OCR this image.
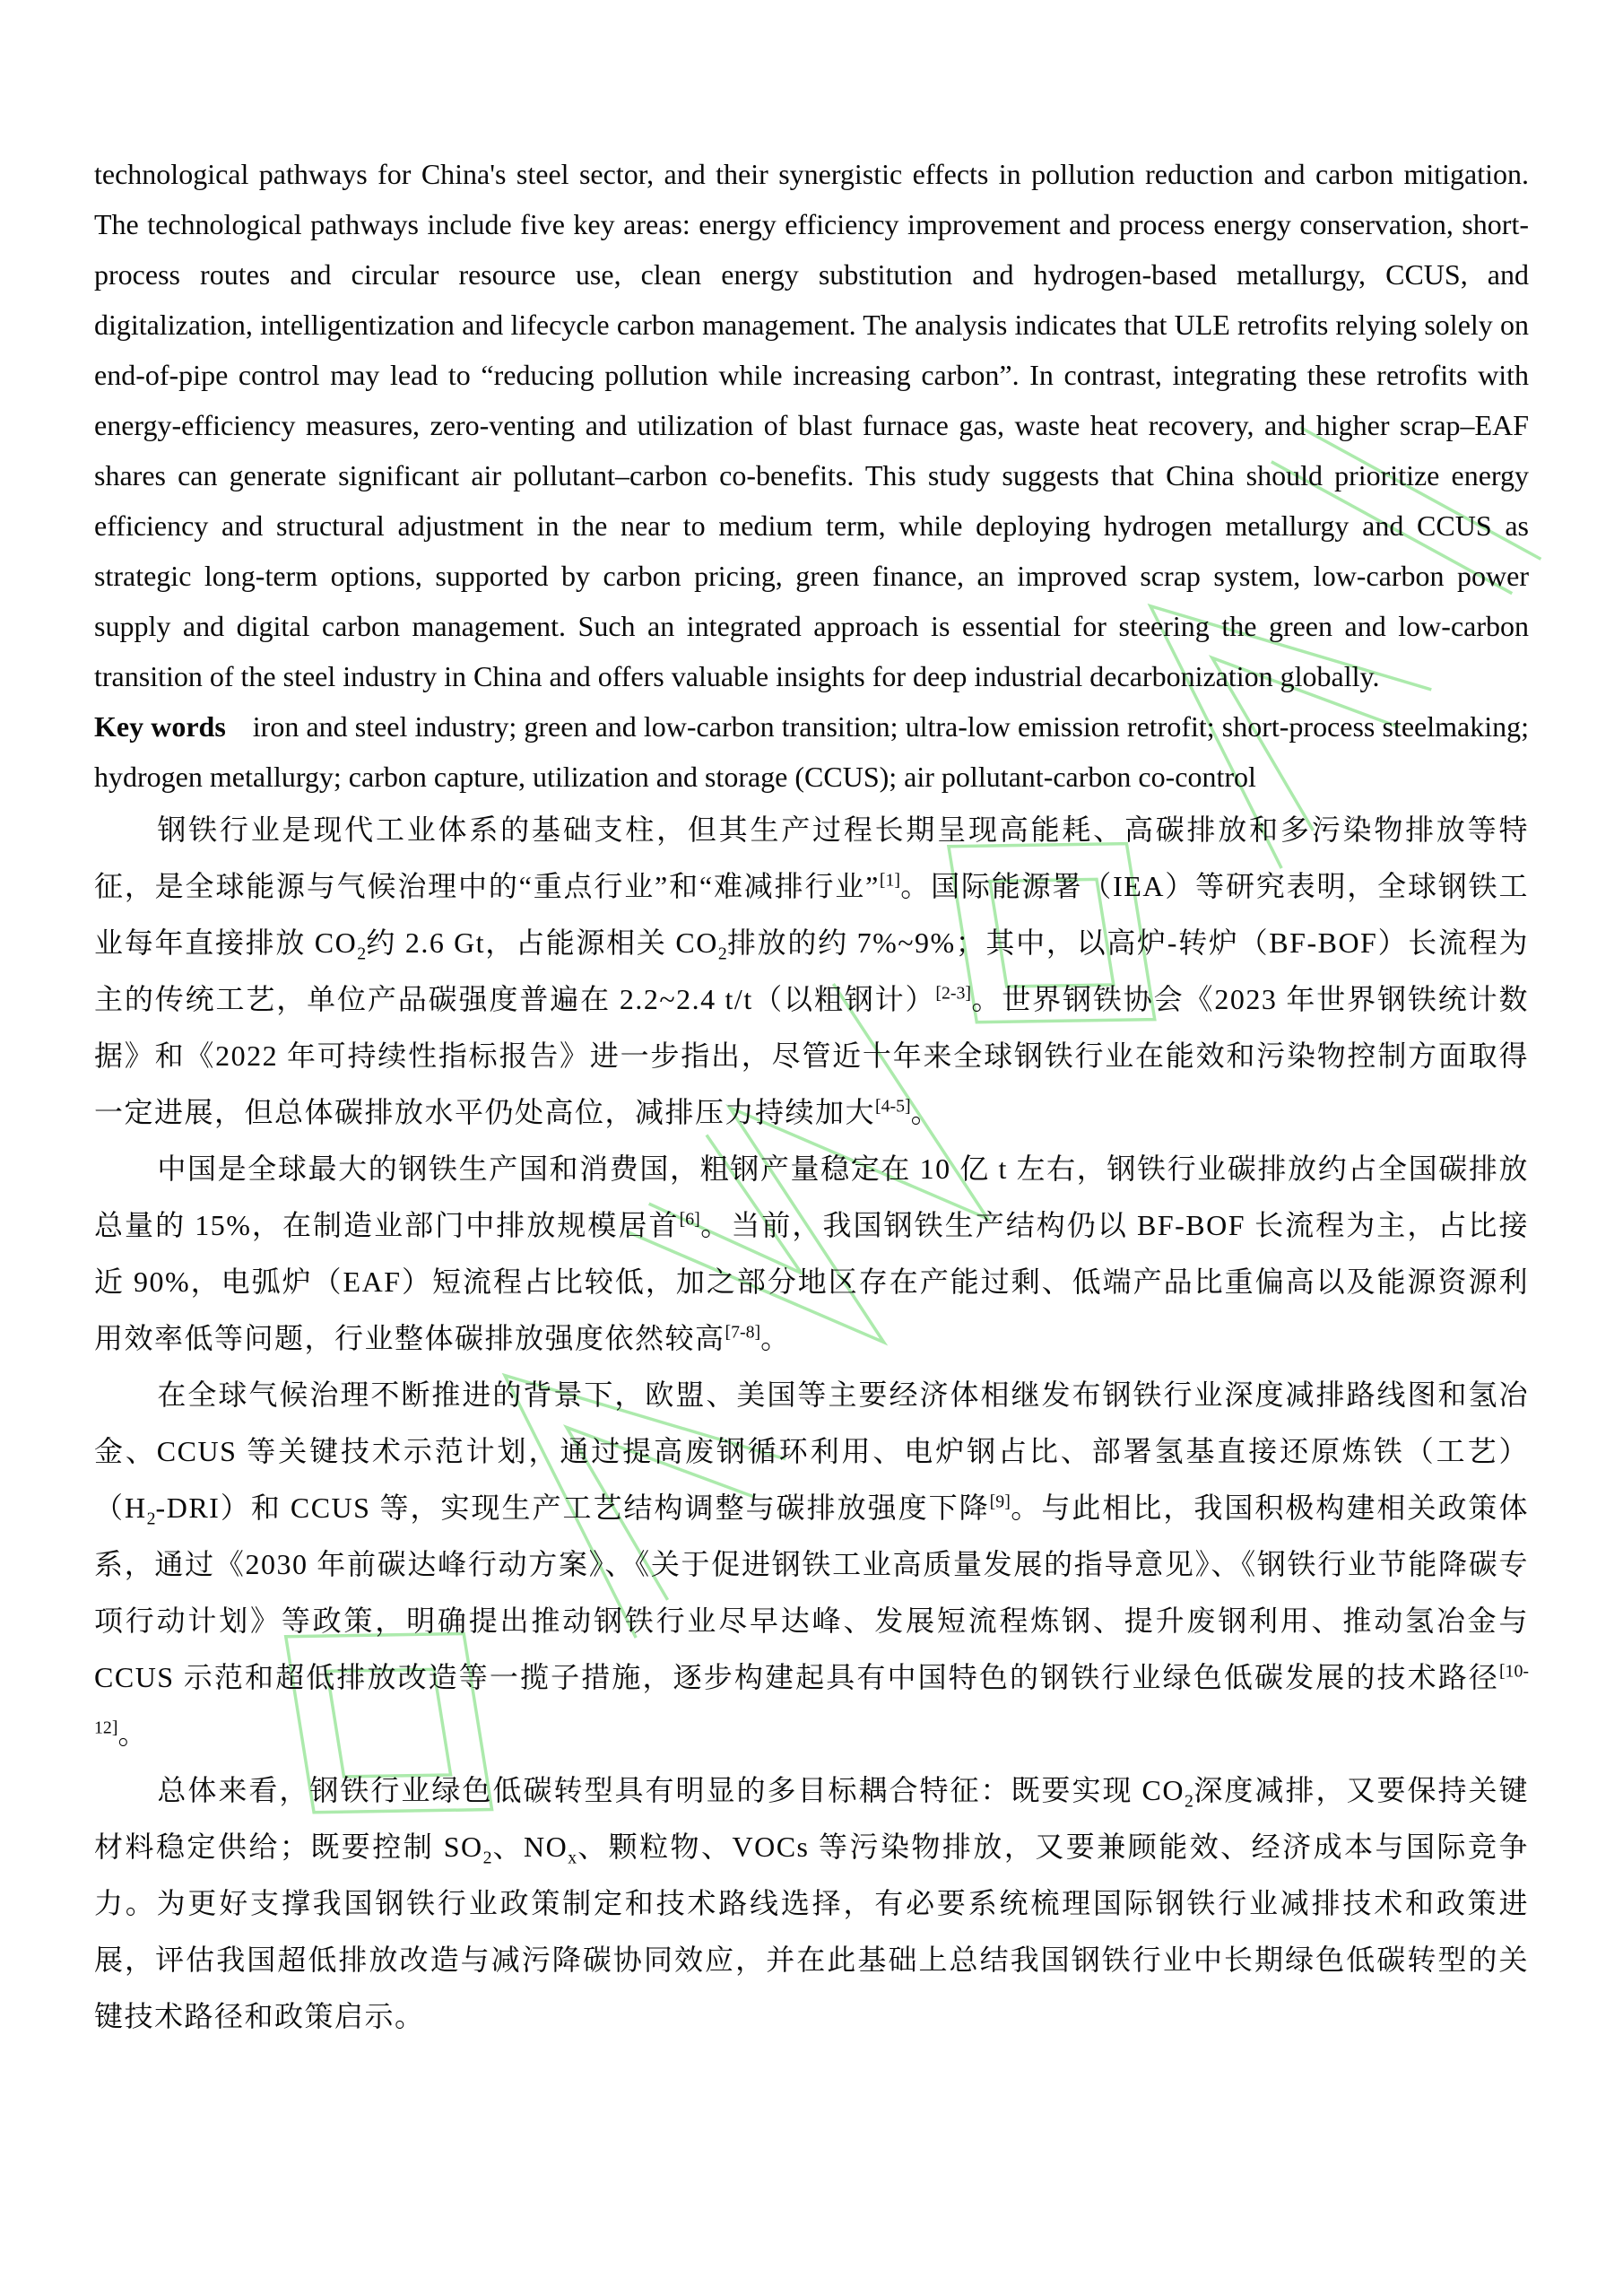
technological pathways for China's steel sector, and their synergistic effects in pollution reduction and carbon mitigation. The technological pathways include five key areas: energy efficiency improvement and process energy conservation, short-process routes and circular resource use, clean energy substitution and hydrogen-based metallurgy, CCUS, and digitalization, intelligentization and lifecycle carbon management. The analysis indicates that ULE retrofits relying solely on end-of-pipe control may lead to “reducing pollution while increasing carbon”. In contrast, integrating these retrofits with energy-efficiency measures, zero-venting and utilization of blast furnace gas, waste heat recovery, and higher scrap–EAF shares can generate significant air pollutant–carbon co-benefits. This study suggests that China should prioritize energy efficiency and structural adjustment in the near to medium term, while deploying hydrogen metallurgy and CCUS as strategic long-term options, supported by carbon pricing, green finance, an improved scrap system, low-carbon power supply and digital carbon management. Such an integrated approach is essential for steering the green and low-carbon transition of the steel industry in China and offers valuable insights for deep industrial decarbonization globally.

Key words iron and steel industry; green and low-carbon transition; ultra-low emission retrofit; short-process steelmaking; hydrogen metallurgy; carbon capture, utilization and storage (CCUS); air pollutant-carbon co-control

钢铁行业是现代工业体系的基础支柱，但其生产过程长期呈现高能耗、高碳排放和多污染物排放等特征，是全球能源与气候治理中的“重点行业”和“难减排行业”[1]。国际能源署（IEA）等研究表明，全球钢铁工业每年直接排放 $CO_2$约 2.6 Gt，占能源相关 $CO_2$排放的约 7%~9%；其中，以高炉-转炉（BF-BOF）长流程为主的传统工艺，单位产品碳强度普遍在 2.2~2.4 t/t（以粗钢计）[2-3]。世界钢铁协会《2023 年世界钢铁统计数据》和《2022 年可持续性指标报告》进一步指出，尽管近十年来全球钢铁行业在能效和污染物控制方面取得一定进展，但总体碳排放水平仍处高位，减排压力持续加大[4-5]。

中国是全球最大的钢铁生产国和消费国，粗钢产量稳定在 10 亿 t 左右，钢铁行业碳排放约占全国碳排放总量的 15%，在制造业部门中排放规模居首[6]。当前，我国钢铁生产结构仍以 BF-BOF 长流程为主，占比接近 90%，电弧炉（EAF）短流程占比较低，加之部分地区存在产能过剩、低端产品比重偏高以及能源资源利用效率低等问题，行业整体碳排放强度依然较高[7-8]。

在全球气候治理不断推进的背景下，欧盟、美国等主要经济体相继发布钢铁行业深度减排路线图和氢冶金、CCUS 等关键技术示范计划，通过提高废钢循环利用、电炉钢占比、部署氢基直接还原炼铁（工艺）$(H_2-DRI)$和 CCUS 等，实现生产工艺结构调整与碳排放强度下降[9]。与此相比，我国积极构建相关政策体系，通过《2030 年前碳达峰行动方案》、《关于促进钢铁工业高质量发展的指导意见》、《钢铁行业节能降碳专项行动计划》等政策，明确提出推动钢铁行业尽早达峰、发展短流程炼钢、提升废钢利用、推动氢冶金与 CCUS 示范和超低排放改造等一揽子措施，逐步构建起具有中国特色的钢铁行业绿色低碳发展的技术路径[10-12]。

总体来看，钢铁行业绿色低碳转型具有明显的多目标耦合特征：既要实现 $CO_2$深度减排，又要保持关键材料稳定供给；既要控制 $SO_2$、$NO_x$、颗粒物、VOCs 等污染物排放，又要兼顾能效、经济成本与国际竞争力。为更好支撑我国钢铁行业政策制定和技术路线选择，有必要系统梳理国际钢铁行业减排技术和政策进展，评估我国超低排放改造与减污降碳协同效应，并在此基础上总结我国钢铁行业中长期绿色低碳转型的关键技术路径和政策启示。
